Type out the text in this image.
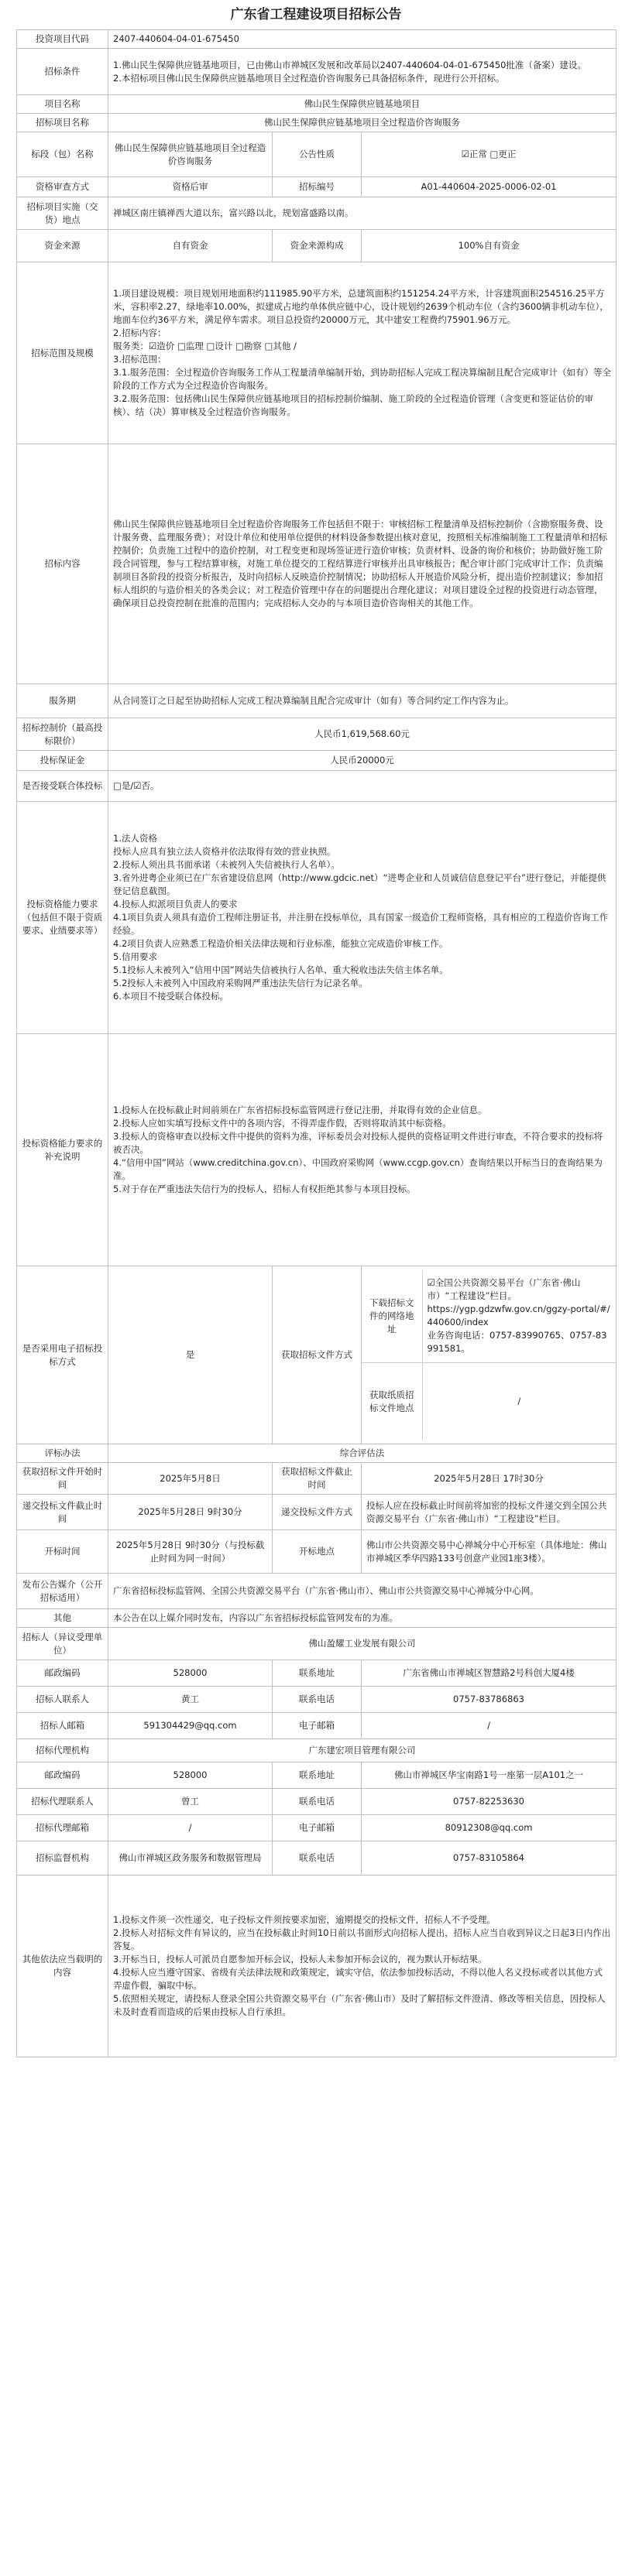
广东省工程建设项目招标公告
投资项目代码	2407-440604-04-01-675450
招标条件	1.佛山民生保障供应链基地项目，已由佛山市禅城区发展和改革局以2407-440604-04-01-675450批准（备案）建设。
2.本招标项目佛山民生保障供应链基地项目全过程造价咨询服务已具备招标条件，现进行公开招标。
项目名称	佛山民生保障供应链基地项目
招标项目名称	佛山民生保障供应链基地项目全过程造价咨询服务
标段（包）名称	佛山民生保障供应链基地项目全过程造价咨询服务	公告性质	☑正常 □更正
资格审查方式	资格后审	招标编号	A01-440604-2025-0006-02-01
招标项目实施（交货）地点	禅城区南庄镇禅西大道以东，富兴路以北，规划富盛路以南。
资金来源	自有资金	资金来源构成	100%自有资金
招标范围及规模	1.项目建设规模：项目规划用地面积约111985.90平方米，总建筑面积约151254.24平方米，计容建筑面积254516.25平方米，容积率2.27，绿地率10.00%，拟建成占地约单体供应链中心，设计规划约2639个机动车位（含约3600辆非机动车位），地面车位约36平方米，满足停车需求。项目总投资约20000万元，其中建安工程费约75901.96万元。
2.招标内容：
服务类：☑造价 □监理 □设计 □勘察 □其他 /
3.招标范围：
3.1.服务范围：全过程造价咨询服务工作从工程量清单编制开始，到协助招标人完成工程决算编制且配合完成审计（如有）等全阶段的工作方式为全过程造价咨询服务。
3.2.服务范围：包括佛山民生保障供应链基地项目的招标控制价编制、施工阶段的全过程造价管理（含变更和签证估价的审核）、结（决）算审核及全过程造价咨询服务。
招标内容	佛山民生保障供应链基地项目全过程造价咨询服务工作包括但不限于：审核招标工程量清单及招标控制价（含勘察服务费、设计服务费、监理服务费）；对设计单位和使用单位提供的材料设备参数提出核对意见，按照相关标准编制施工工程量清单和招标控制价；负责施工过程中的造价控制，对工程变更和现场签证进行造价审核；负责材料、设备的询价和核价；协助做好施工阶段合同管理，参与工程结算审核，对施工单位提交的工程结算进行审核并出具审核报告；配合审计部门完成审计工作；负责编制项目各阶段的投资分析报告，及时向招标人反映造价控制情况；协助招标人开展造价风险分析，提出造价控制建议；参加招标人组织的与造价相关的各类会议；对工程造价管理中存在的问题提出合理化建议；对项目建设全过程的投资进行动态管理，确保项目总投资控制在批准的范围内；完成招标人交办的与本项目造价咨询相关的其他工作。
服务期	从合同签订之日起至协助招标人完成工程决算编制且配合完成审计（如有）等合同约定工作内容为止。
招标控制价（最高投标限价）	人民币1,619,568.60元
投标保证金	人民币20000元
是否接受联合体投标	□是/☑否。
投标资格能力要求（包括但不限于资质要求、业绩要求等）	1.法人资格
投标人应具有独立法人资格并依法取得有效的营业执照。
2.投标人须出具书面承诺（未被列入失信被执行人名单）。
3.省外进粤企业须已在广东省建设信息网（http://www.gdcic.net）“进粤企业和人员诚信信息登记平台”进行登记，并能提供登记信息截图。
4.投标人拟派项目负责人的要求
4.1项目负责人须具有造价工程师注册证书，并注册在投标单位，具有国家一级造价工程师资格，具有相应的工程造价咨询工作经验。
4.2项目负责人应熟悉工程造价相关法律法规和行业标准，能独立完成造价审核工作。
5.信用要求
5.1投标人未被列入“信用中国”网站失信被执行人名单、重大税收违法失信主体名单。
5.2投标人未被列入中国政府采购网严重违法失信行为记录名单。
6.本项目不接受联合体投标。
投标资格能力要求的补充说明	1.投标人在投标截止时间前须在广东省招标投标监管网进行登记注册，并取得有效的企业信息。
2.投标人应如实填写投标文件中的各项内容，不得弄虚作假，否则将取消其中标资格。
3.投标人的资格审查以投标文件中提供的资料为准，评标委员会对投标人提供的资格证明文件进行审查，不符合要求的投标将被否决。
4.“信用中国”网站（www.creditchina.gov.cn）、中国政府采购网（www.ccgp.gov.cn）查询结果以开标当日的查询结果为准。
5.对于存在严重违法失信行为的投标人，招标人有权拒绝其参与本项目投标。
是否采用电子招标投标方式	是	获取招标文件方式	
下载招标文件的网络地址	☑全国公共资源交易平台（广东省·佛山市）“工程建设”栏目。
https://ygp.gdzwfw.gov.cn/ggzy-portal/#/440600/index
业务咨询电话：0757-83990765、0757-83991581。
获取纸质招标文件地点	/

评标办法	综合评估法
获取招标文件开始时间	2025年5月8日	获取招标文件截止时间	2025年5月28日 17时30分
递交投标文件截止时间	2025年5月28日 9时30分	递交投标文件方式	投标人应在投标截止时间前将加密的投标文件递交到全国公共资源交易平台（广东省·佛山市）“工程建设”栏目。
开标时间	2025年5月28日 9时30分（与投标截止时间为同一时间）	开标地点	佛山市公共资源交易中心禅城分中心开标室（具体地址：佛山市禅城区季华四路133号创意产业园1座3楼）。
发布公告媒介（公开招标适用）	广东省招标投标监管网、全国公共资源交易平台（广东省·佛山市）、佛山市公共资源交易中心禅城分中心网。
其他	本公告在以上媒介同时发布，内容以广东省招标投标监管网发布的为准。
招标人（异议受理单位）	佛山盈耀工业发展有限公司
邮政编码	528000	联系地址	广东省佛山市禅城区智慧路2号科创大厦4楼
招标人联系人	黄工	联系电话	0757-83786863
招标人邮箱	591304429@qq.com	电子邮箱	/
招标代理机构	广东建宏项目管理有限公司
邮政编码	528000	联系地址	佛山市禅城区华宝南路1号一座第一层A101之一
招标代理联系人	曾工	联系电话	0757-82253630
招标代理邮箱	/	电子邮箱	80912308@qq.com
招标监督机构	佛山市禅城区政务服务和数据管理局	联系电话	0757-83105864
其他依法应当载明的内容	1.投标文件须一次性递交，电子投标文件须按要求加密，逾期提交的投标文件，招标人不予受理。
2.投标人对招标文件有异议的，应当在投标截止时间10日前以书面形式向招标人提出，招标人应当自收到异议之日起3日内作出答复。
3.开标当日，投标人可派员自愿参加开标会议，投标人未参加开标会议的，视为默认开标结果。
4.投标人应当遵守国家、省级有关法律法规和政策规定，诚实守信，依法参加投标活动，不得以他人名义投标或者以其他方式弄虚作假，骗取中标。
5.依照相关规定，请投标人登录全国公共资源交易平台（广东省·佛山市）及时了解招标文件澄清、修改等相关信息，因投标人未及时查看而造成的后果由投标人自行承担。
